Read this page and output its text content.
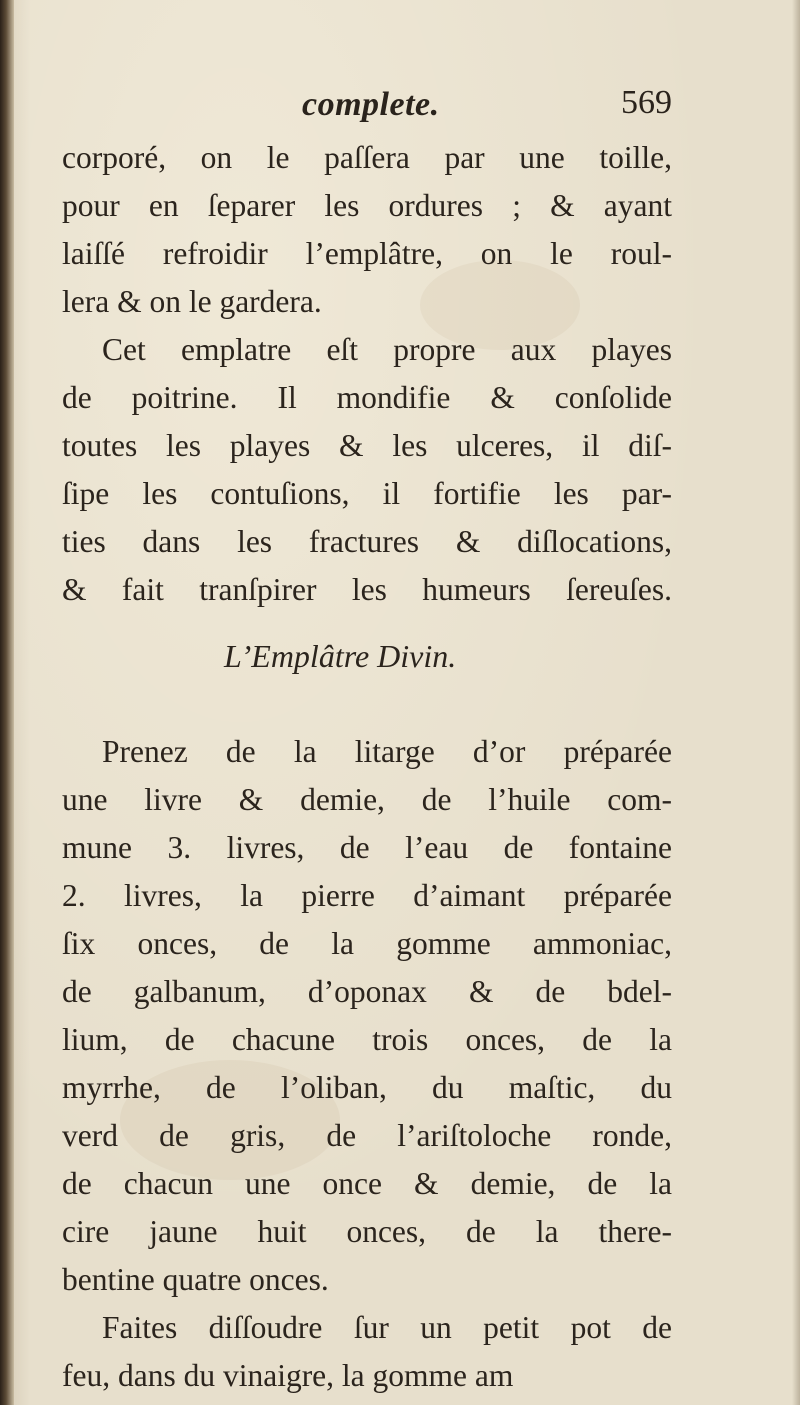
complete.	569
corporé, on le paſſera par une toille,
pour en ſeparer les ordures ; & ayant
laiſſé refroidir l’emplâtre, on le roul-
lera & on le gardera.
Cet emplatre eſt propre aux playes
de poitrine. Il mondifie & conſolide
toutes les playes & les ulceres, il diſ-
ſipe les contuſions, il fortifie les par-
ties dans les fractures & diſlocations,
& fait tranſpirer les humeurs ſereuſes.
L’Emplâtre Divin.
Prenez de la litarge d’or préparée
une livre & demie, de l’huile com-
mune 3. livres, de l’eau de fontaine
2. livres, la pierre d’aimant préparée
ſix onces, de la gomme ammoniac,
de galbanum, d’oponax & de bdel-
lium, de chacune trois onces, de la
myrrhe, de l’oliban, du maſtic, du
verd de gris, de l’ariſtoloche ronde,
de chacun une once & demie, de la
cire jaune huit onces, de la there-
bentine quatre onces.
Faites diſſoudre ſur un petit pot de
feu, dans du vinaigre, la gomme am
